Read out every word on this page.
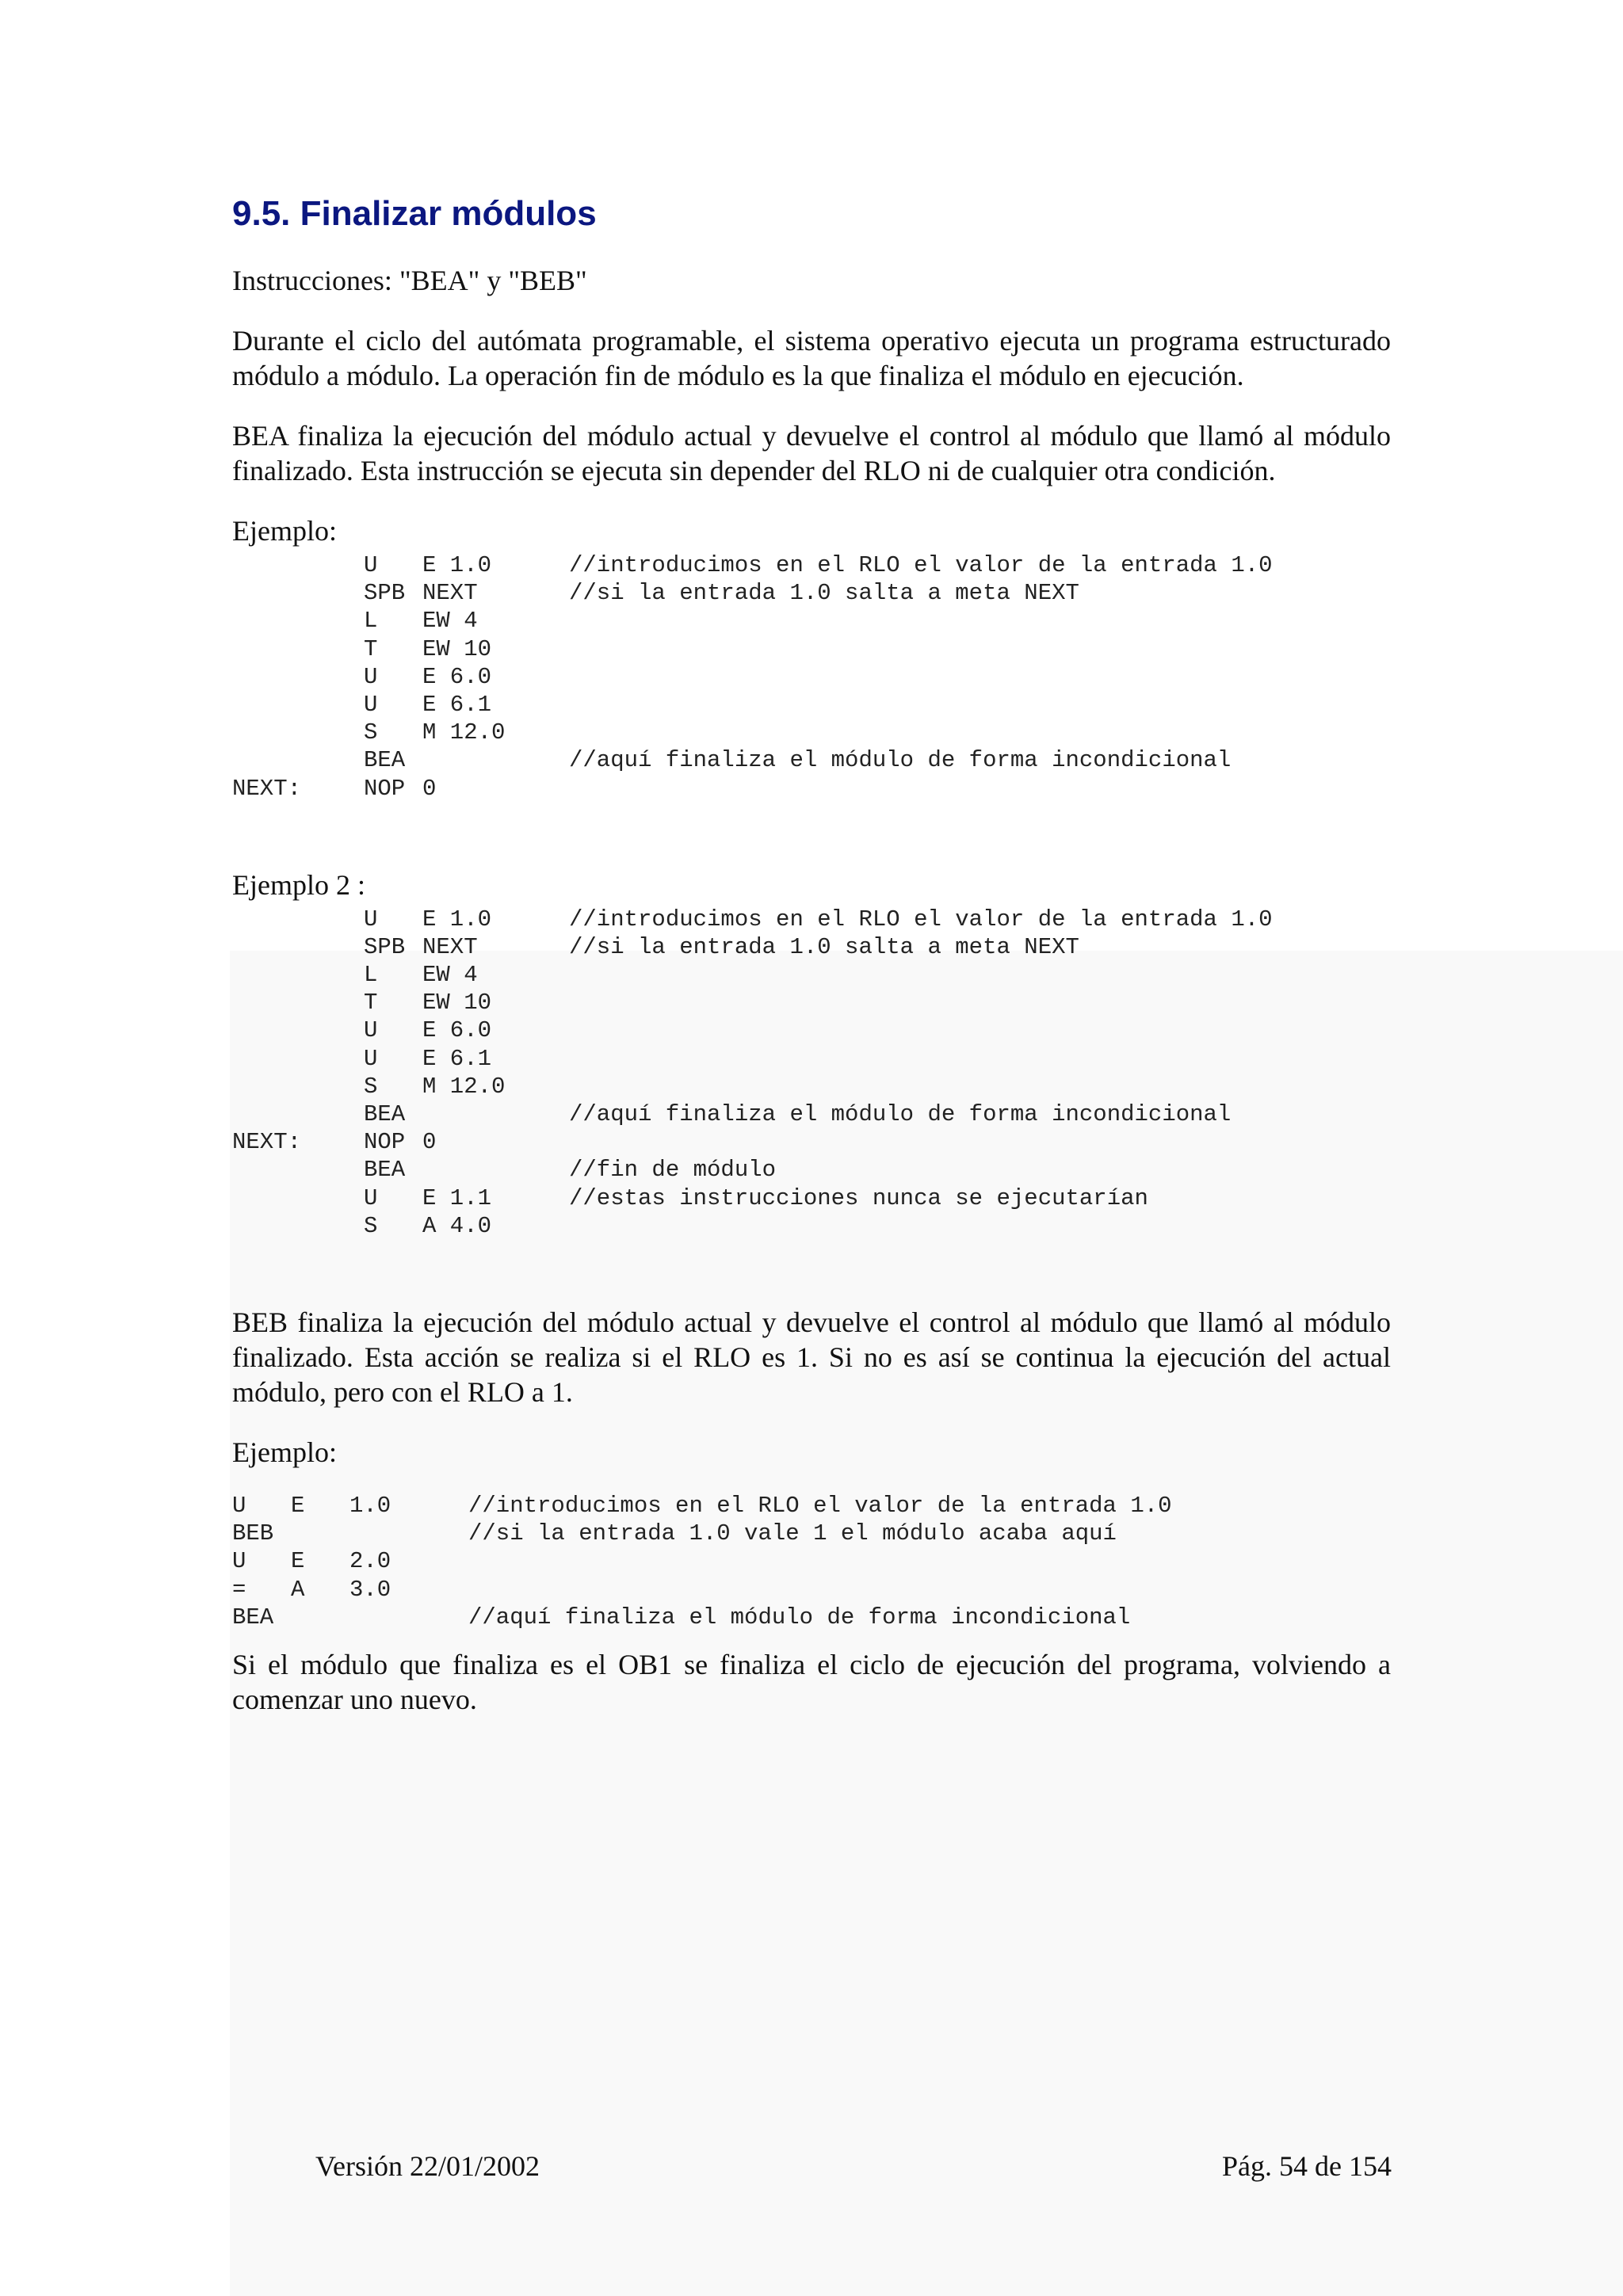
9.5. Finalizar módulos

Instrucciones: "BEA" y "BEB"

Durante el ciclo del autómata programable, el sistema operativo ejecuta un programa estructurado módulo a módulo. La operación fin de módulo es la que finaliza el módulo en ejecución.

BEA finaliza la ejecución del módulo actual y devuelve el control al módulo que llamó al módulo finalizado. Esta instrucción se ejecuta sin depender del RLO ni de cualquier otra condición.

Ejemplo:

U E 1.0	//introducimos en el RLO el valor de la entrada 1.0
SPB NEXT	//si la entrada 1.0 salta a meta NEXT
L EW 4
T EW 10
U E 6.0
U E 6.1
S M 12.0
BEA	//aquí finaliza el módulo de forma incondicional
NEXT:	NOP 0

Ejemplo 2 :

U E 1.0	//introducimos en el RLO el valor de la entrada 1.0
SPB NEXT	//si la entrada 1.0 salta a meta NEXT
L EW 4
T EW 10
U E 6.0
U E 6.1
S M 12.0
BEA	//aquí finaliza el módulo de forma incondicional
NEXT:	NOP 0
BEA	//fin de módulo
U E 1.1	//estas instrucciones nunca se ejecutarían
S A 4.0

BEB finaliza la ejecución del módulo actual y devuelve el control al módulo que llamó al módulo finalizado. Esta acción se realiza si el RLO es 1. Si no es así se continua la ejecución del actual módulo, pero con el RLO a 1.

Ejemplo:

U E 1.0	//introducimos en el RLO el valor de la entrada 1.0
BEB	//si la entrada 1.0 vale 1 el módulo acaba aquí
U E 2.0
= A 3.0
BEA	//aquí finaliza el módulo de forma incondicional

Si el módulo que finaliza es el OB1 se finaliza el ciclo de ejecución del programa, volviendo a comenzar uno nuevo.

Versión 22/01/2002	Pág. 54 de 154
